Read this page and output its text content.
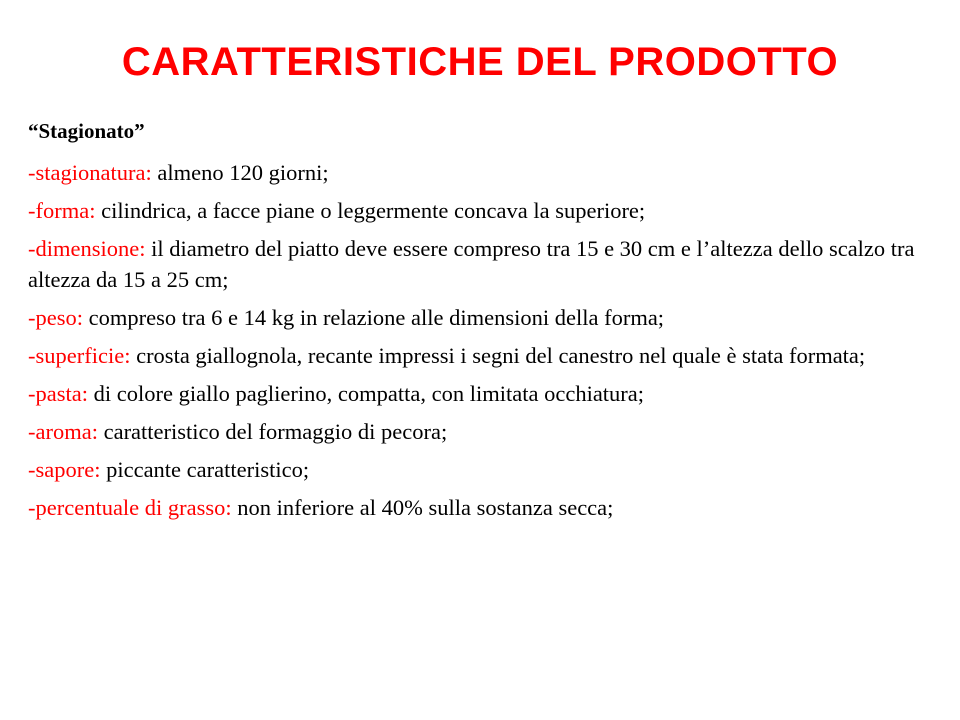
CARATTERISTICHE DEL PRODOTTO

“Stagionato”

-stagionatura: almeno 120 giorni;

-forma: cilindrica, a facce piane o leggermente concava la superiore;

-dimensione: il diametro del piatto deve essere compreso tra 15 e 30 cm e l’altezza dello scalzo tra altezza da 15 a 25 cm;

-peso: compreso tra 6 e 14 kg in relazione alle dimensioni della forma;

-superficie: crosta giallognola, recante impressi i segni del canestro nel quale è stata formata;

-pasta: di colore giallo paglierino, compatta, con limitata occhiatura;

-aroma: caratteristico del formaggio di pecora;

-sapore: piccante caratteristico;

-percentuale di grasso: non inferiore al 40% sulla sostanza secca;
